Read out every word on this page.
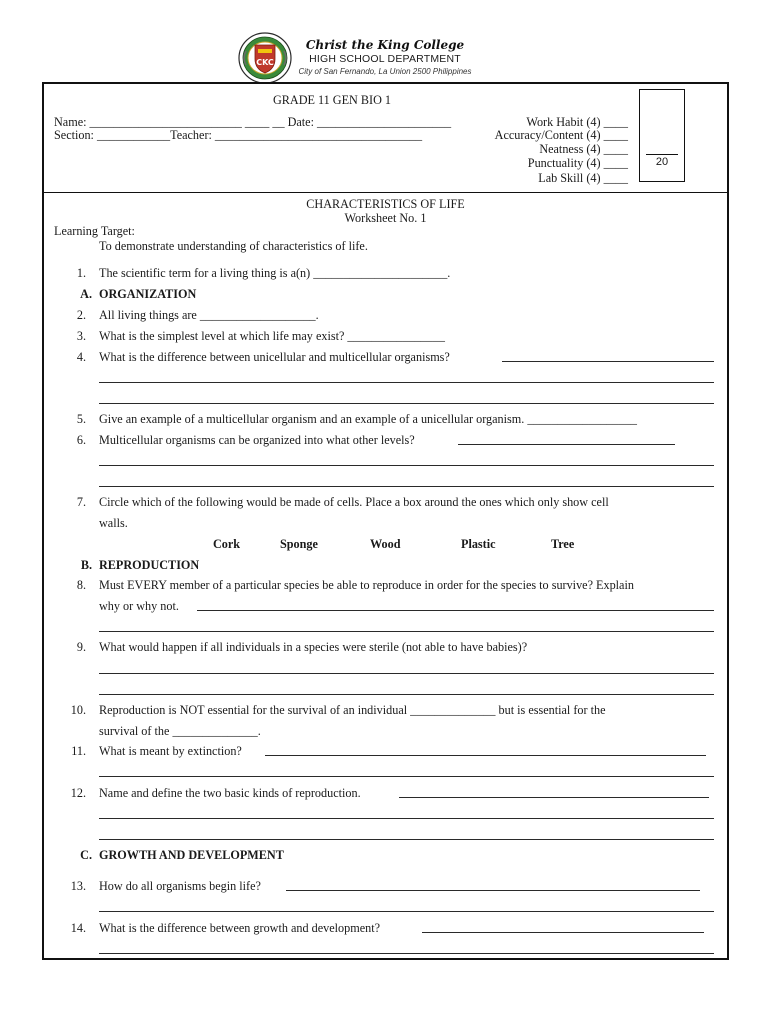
CKC
Christ the King College
HIGH SCHOOL DEPARTMENT
City of San Fernando, La Union 2500 Philippines
GRADE 11 GEN BIO 1
Name: _________________________ ____ __ Date: ______________________
Section: ____________Teacher: __________________________________
Work Habit (4) ____
Accuracy/Content (4) ____
Neatness (4) ____
Punctuality (4) ____
Lab Skill (4) ____
20
CHARACTERISTICS OF LIFE
Worksheet No. 1
Learning Target:
To demonstrate understanding of characteristics of life.
1. The scientific term for a living thing is a(n) ______________________.
A. ORGANIZATION
2. All living things are ___________________.
3. What is the simplest level at which life may exist? ________________
4. What is the difference between unicellular and multicellular organisms?
5. Give an example of a multicellular organism and an example of a unicellular organism. __________________
6. Multicellular organisms can be organized into what other levels?
7. Circle which of the following would be made of cells. Place a box around the ones which only show cell
walls.
Cork	Sponge	Wood	Plastic	Tree
B. REPRODUCTION
8. Must EVERY member of a particular species be able to reproduce in order for the species to survive? Explain
why or why not.
9. What would happen if all individuals in a species were sterile (not able to have babies)?
10. Reproduction is NOT essential for the survival of an individual ______________ but is essential for the
survival of the ______________.
11. What is meant by extinction?
12. Name and define the two basic kinds of reproduction.
C. GROWTH AND DEVELOPMENT
13. How do all organisms begin life?
14. What is the difference between growth and development?
